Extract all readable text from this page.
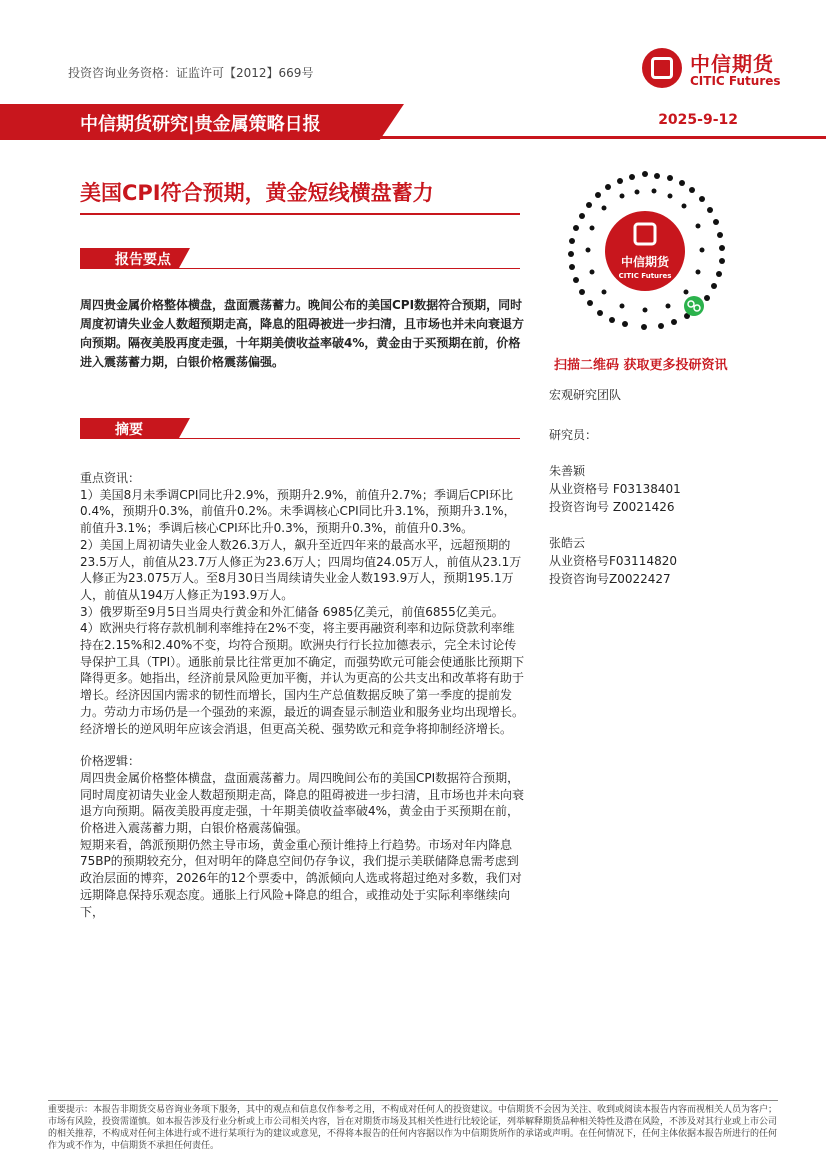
投资咨询业务资格：证监许可【2012】669号	中信期货
CITIC Futures
中信期货研究|贵金属策略日报	2025-9-12
美国CPI符合预期，黄金短线横盘蓄力
报告要点
周四贵金属价格整体横盘，盘面震荡蓄力。晚间公布的美国CPI数据符合预期，同时周度初请失业金人数超预期走高，降息的阻碍被进一步扫清，且市场也并未向衰退方向预期。隔夜美股再度走强，十年期美债收益率破4%，黄金由于买预期在前，价格进入震荡蓄力期，白银价格震荡偏强。
摘要

重点资讯：

1）美国8月未季调CPI同比升2.9%，预期升2.9%，前值升2.7%；季调后CPI环比0.4%，预期升0.3%，前值升0.2%。未季调核心CPI同比升3.1%，预期升3.1%，前值升3.1%；季调后核心CPI环比升0.3%，预期升0.3%，前值升0.3%。

2）美国上周初请失业金人数26.3万人，飙升至近四年来的最高水平，远超预期的23.5万人，前值从23.7万人修正为23.6万人；四周均值24.05万人，前值从23.1万人修正为23.075万人。至8月30日当周续请失业金人数193.9万人，预期195.1万人，前值从194万人修正为193.9万人。

3）俄罗斯至9月5日当周央行黄金和外汇储备 6985亿美元，前值6855亿美元。

4）欧洲央行将存款机制利率维持在2%不变，将主要再融资利率和边际贷款利率维持在2.15%和2.40%不变，均符合预期。欧洲央行行长拉加德表示，完全未讨论传导保护工具（TPI）。通胀前景比往常更加不确定，而强势欧元可能会使通胀比预期下降得更多。她指出，经济前景风险更加平衡，并认为更高的公共支出和改革将有助于增长。经济因国内需求的韧性而增长，国内生产总值数据反映了第一季度的提前发力。劳动力市场仍是一个强劲的来源，最近的调查显示制造业和服务业均出现增长。经济增长的逆风明年应该会消退，但更高关税、强势欧元和竞争将抑制经济增长。

价格逻辑：

周四贵金属价格整体横盘，盘面震荡蓄力。周四晚间公布的美国CPI数据符合预期，同时周度初请失业金人数超预期走高，降息的阻碍被进一步扫清，且市场也并未向衰退方向预期。隔夜美股再度走强，十年期美债收益率破4%，黄金由于买预期在前，价格进入震荡蓄力期，白银价格震荡偏强。

短期来看，鸽派预期仍然主导市场，黄金重心预计维持上行趋势。市场对年内降息75BP的预期较充分，但对明年的降息空间仍存争议，我们提示美联储降息需考虑到政治层面的博弈，2026年的12个票委中，鸽派倾向人选或将超过绝对多数，我们对远期降息保持乐观态度。通胀上行风险+降息的组合，或推动处于实际利率继续向下，

中信期货
CITIC Futures
扫描二维码 获取更多投研资讯
宏观研究团队
研究员：
朱善颖
从业资格号 F03138401
投资咨询号 Z0021426
张皓云
从业资格号F03114820
投资咨询号Z0022427
重要提示：本报告非期货交易咨询业务项下服务，其中的观点和信息仅作参考之用，不构成对任何人的投资建议。中信期货不会因为关注、收到或阅读本报告内容而视相关人员为客户；市场有风险，投资需谨慎。如本报告涉及行业分析或上市公司相关内容，旨在对期货市场及其相关性进行比较论证，列举解释期货品种相关特性及潜在风险，不涉及对其行业或上市公司的相关推荐，不构成对任何主体进行或不进行某项行为的建议或意见，不得将本报告的任何内容据以作为中信期货所作的承诺或声明。在任何情况下，任何主体依据本报告所进行的任何作为或不作为，中信期货不承担任何责任。
